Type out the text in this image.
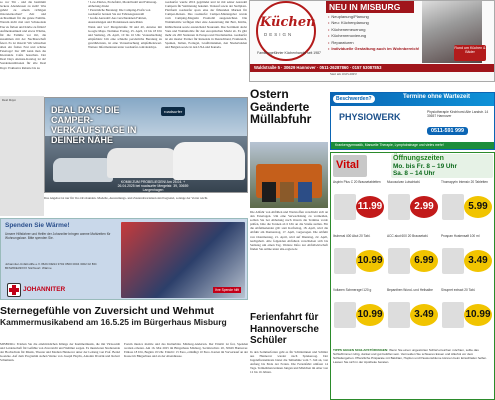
so vor Tür - und die bestimmt leckere Abendessen zu steht! Was gehört zu einem richtigen Ostereierkochen? Zeit und Achtsamkeit für die ganze Familie. Warum nicht mal statt Schokolade Eier zu färben und Körbe zu füllen? Aufmerksamkeit und etwas Wärme, für die Familie vor Ort, die zusammen mit der Nachbarschaft feiert. Es ist Ostern! Wir wünschen allen ein frohes Fest und schöne Feiertage! Zur OH kann man die Kiezrunde Cafés besuchen. Der Deal Days Aktions-Katalog ist da! Sonderkonditionen für alle Deal Days: Exklusive Rabatte bis zu

• Low-Entries, Probefahrt, Modellwahl und Fahrzeug-Abholung direkt
• Persönliche Beratung: Die Camping-Profis von roadsurfer beraten Sie zur Fahrzeugauswahl
• Große Auswahl: Aus verschiedenen Fahrten, Ausstattungen und Preisklassen auswählen

Wann und wo? Mergelstraße 39 und 40, Anreise mit Google Maps. Nominee Freitag, 25. April, 10 bis 18 Uhr und Samstag, 26. April, 10 bis 16 Uhr. Vorausbuchung empfohlen: Um eine schnelle persönliche Beratung zu gewährleisten, ist eine Vorausbuchung empfehlenswert. Weitere Informationen unter roadsurfer.com/dealdays.

roadsurfer wurde 2016 gegründet und ist mit seiner Auswahl Campern für Vermietung bekannt. Verkauf sowie der Stellplatz-Plattform roadsurfer spots eine der führenden Marken für Camper-Reisen. Das roadsurfer Camper-Mietangebot wurde vom Camping-Magazin Promobil ausgezeichnet. Die Wohnmobile verfügen über eine Ausstattung mit Bett, Küche, Kühlschrank sowie ausreichend Stauraum. Das Sortiment deckt Vans und Wohnmobile für den europäischen Markt ab. Es gibt mehr als 200 Stationen in Europa und Nordamerika. roadsurfer ist ein idealer Partner für Reisende in Deutschland, Frankreich, Spanien, Italien, Portugal, Großbritannien, den Niederlanden und Belgien sowie in den USA und Kanada.

Deal Days:

DEAL DAYS DIE CAMPER-VERKAUFSTAGE IN DEINER NÄHE
roadsurfer
KOMM ZUM PROBELIEGEN! Am 25.04. + 26.04.2025 bei roadsurfer Mergelstr. 39, 30659 Langenhagen

Das Angebot ist nur für Vor-Ort-Kunden. Modelle, Ausstattungs- und Zustandsvarianten sind begrenzt, solange der Vorrat reicht.

Spenden Sie Wärme!
Unsere Hilfsfahrer und Helfer der Johanniter bringen warme Mahlzeiten für Wohnungslose. Bitte spenden Sie.
Johanniter-Unfall-Hilfe e.V. IBAN DE94 3702 0500 0004 3002 02 BIC BFSWDE33XXX Stichwort: Wärme
JOHANNITER	Ihre Spende hilft
Sternegefühle von Zuversicht und Wehmut
Kammermusikabend am 16.5.25 im Bürgerhaus Misburg

MISBURG: Erleben Sie die eindrücklichen Klänge der Kammermusik, die mit Virtuosität und Leidenschaft für Gefühle von Zuversicht und Wehmut sorgen. Es musizieren Studierende der Hochschule für Musik, Theater und Medien Hannover unter der Leitung von Prof. Bernd Goetzke. Auf dem Programm stehen Werke von Joseph Haydn, Antonín Dvořák und Robert Schumann.

Forum musica mobile und das Kulturbüro Misburg-Anderten. Der Eintritt ist frei, Spenden werden erbeten. Am 16. Mai 2025 im Bürgerhaus Misburg, Seckbruchstr. 20, 30629 Hannover. Einlass 18 Uhr, Beginn 19 Uhr. Eintritt: 15 Euro, ermäßigt 10 Euro. Karten im Vorverkauf an der Kasse im Bürgerhaus und an der Abendkasse.

Küchen
DESIGN
Familiengeführter Küchenhandel seit 1987
NEU IN MISBURG
• Neuplanung/Planung
• Neu: Küchenplanung
• Küchenerneuerung
• Küchenrenovierung
• Reparaturen
• Individuelle Gestaltung auch im Wohnbereich!	Rund um Küchen & Bäder
Waldstraße 5 · 30629 Hannover · 0511-26287860 · 0157 53087853

Start am 10.05.2025!

Ostern Geänderte Müllabfuhr

Die Abfuhr von Abfällen und Wertstoffen verschiebt sich an den Feiertagen. Um eine Verwechslung zu vermeiden, sollten Sie bei Abholung nach Ostern die Termine vorab prüfen, bitte die Tonnen ab 6 Uhr an die Straße stellen. Für die Abfallkalender gilt: statt Karfreitag, 18. April, wird die Abfuhr am Donnerstag, 17. April, vorgezogen. Die Abfuhr von Ostermontag, 21. April, wird auf Dienstag, 22. April, nachgeholt. Alle folgenden Abfuhren verschieben sich bis Samstag um einen Tag. Weitere Infos zur Abfallwirtschaft finden Sie online unter aha-region.de

Ferienfahrt für Hannoversche Schüler

In den Sommerferien geht es für Schülerinnen und Schüler aus Hannover wieder nach Spiekeroog. Der Jugendfreizeitkreis bietet die Teilnahme vom 7. Juli an, von Anfang bis Ende der Ferien. Die Ferienfahrt umfasst 14 Tage. Teilnehmen können Jungen und Mädchen im Alter von 12 bis 16 Jahren.

Beschwerden?	Termine ohne Wartezeit
PHYSIOWERK	Physiotherapie Kirchhorst Alte Landstr. 14 30657 Hannover
0511-591 999
Krankengymnastik, Manuelle Therapie, Lymphdrainage und vieles mehr!
Vital
Öffnungszeiten
Mo. bis Fr. 8 – 19 Uhr
Sa. 8 – 14 Uhr
Aspirin Plus C 20 Brausetabletten
11.99
Mucosolvan Lutschtabl.
2.99
Thomapyrin Intensiv 20 Tabletten
5.99
Ibuhexal 400 Akut 20 Tabl.
10.99
ACC akut 600 20 Brausetabl.
6.99
Prospan Hustensaft 100 ml
3.49
Voltaren Schmerzgel 120 g
10.99
Bepanthen Wund- und Heilsalbe
3.49
Sinupret extract 20 Tabl.
10.99
TIPPS GEGEN SCHLAFSTÖRUNGEN: Wenn Sie einen ungestörten Schlaf erreichen möchten, sollte das Schlafzimmer ruhig, dunkel und gut belüftet sein. Vermeiden Sie schweres Essen und Alkohol vor dem Schlafengehen. Pflanzliche Präparate mit Baldrian, Hopfen und Passionsblume können beim Einschlafen helfen. Lassen Sie sich in der Apotheke beraten.
